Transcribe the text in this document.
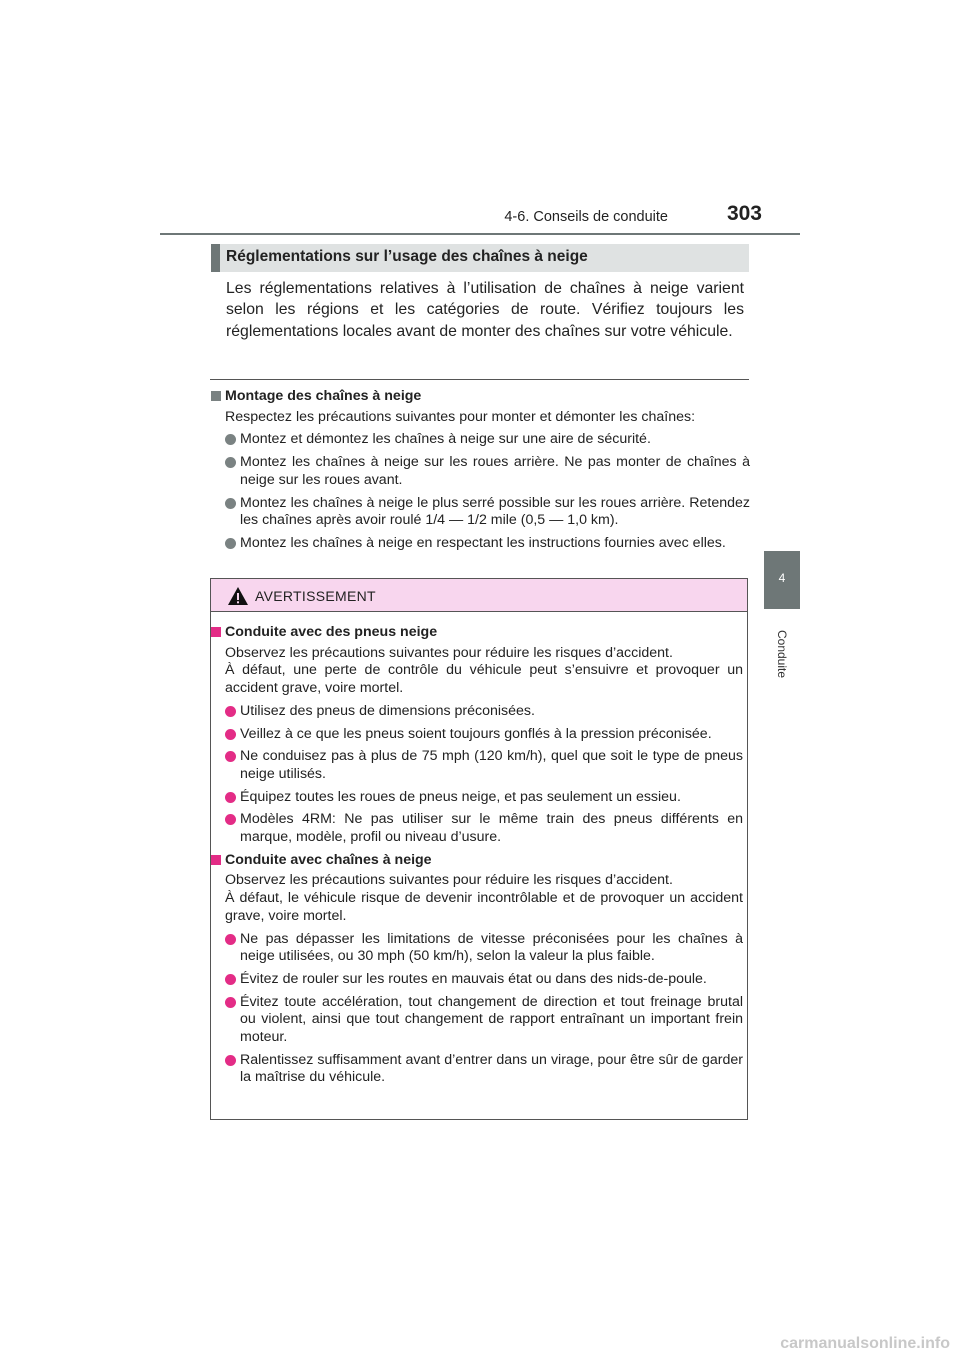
4-6. Conseils de conduite	303
4
Conduite
Réglementations sur l’usage des chaînes à neige

Les réglementations relatives à l’utilisation de chaînes à neige varient selon les régions et les catégories de route. Vérifiez toujours les réglementations locales avant de monter des chaînes sur votre véhicule.

Montage des chaînes à neige

Respectez les précautions suivantes pour monter et démonter les chaînes:

Montez et démontez les chaînes à neige sur une aire de sécurité.

Montez les chaînes à neige sur les roues arrière. Ne pas monter de chaînes à neige sur les roues avant.

Montez les chaînes à neige le plus serré possible sur les roues arrière. Retendez les chaînes après avoir roulé 1/4 — 1/2 mile (0,5 — 1,0 km).

Montez les chaînes à neige en respectant les instructions fournies avec elles.

AVERTISSEMENT

Conduite avec des pneus neige

Observez les précautions suivantes pour réduire les risques d’accident.

À défaut, une perte de contrôle du véhicule peut s’ensuivre et provoquer un accident grave, voire mortel.

Utilisez des pneus de dimensions préconisées.

Veillez à ce que les pneus soient toujours gonflés à la pression préconisée.

Ne conduisez pas à plus de 75 mph (120 km/h), quel que soit le type de pneus neige utilisés.

Équipez toutes les roues de pneus neige, et pas seulement un essieu.

Modèles 4RM: Ne pas utiliser sur le même train des pneus différents en marque, modèle, profil ou niveau d’usure.

Conduite avec chaînes à neige

Observez les précautions suivantes pour réduire les risques d’accident.

À défaut, le véhicule risque de devenir incontrôlable et de provoquer un accident grave, voire mortel.

Ne pas dépasser les limitations de vitesse préconisées pour les chaînes à neige utilisées, ou 30 mph (50 km/h), selon la valeur la plus faible.

Évitez de rouler sur les routes en mauvais état ou dans des nids-de-poule.

Évitez toute accélération, tout changement de direction et tout freinage brutal ou violent, ainsi que tout changement de rapport entraînant un important frein moteur.

Ralentissez suffisamment avant d’entrer dans un virage, pour être sûr de garder la maîtrise du véhicule.

carmanualsonline.info
